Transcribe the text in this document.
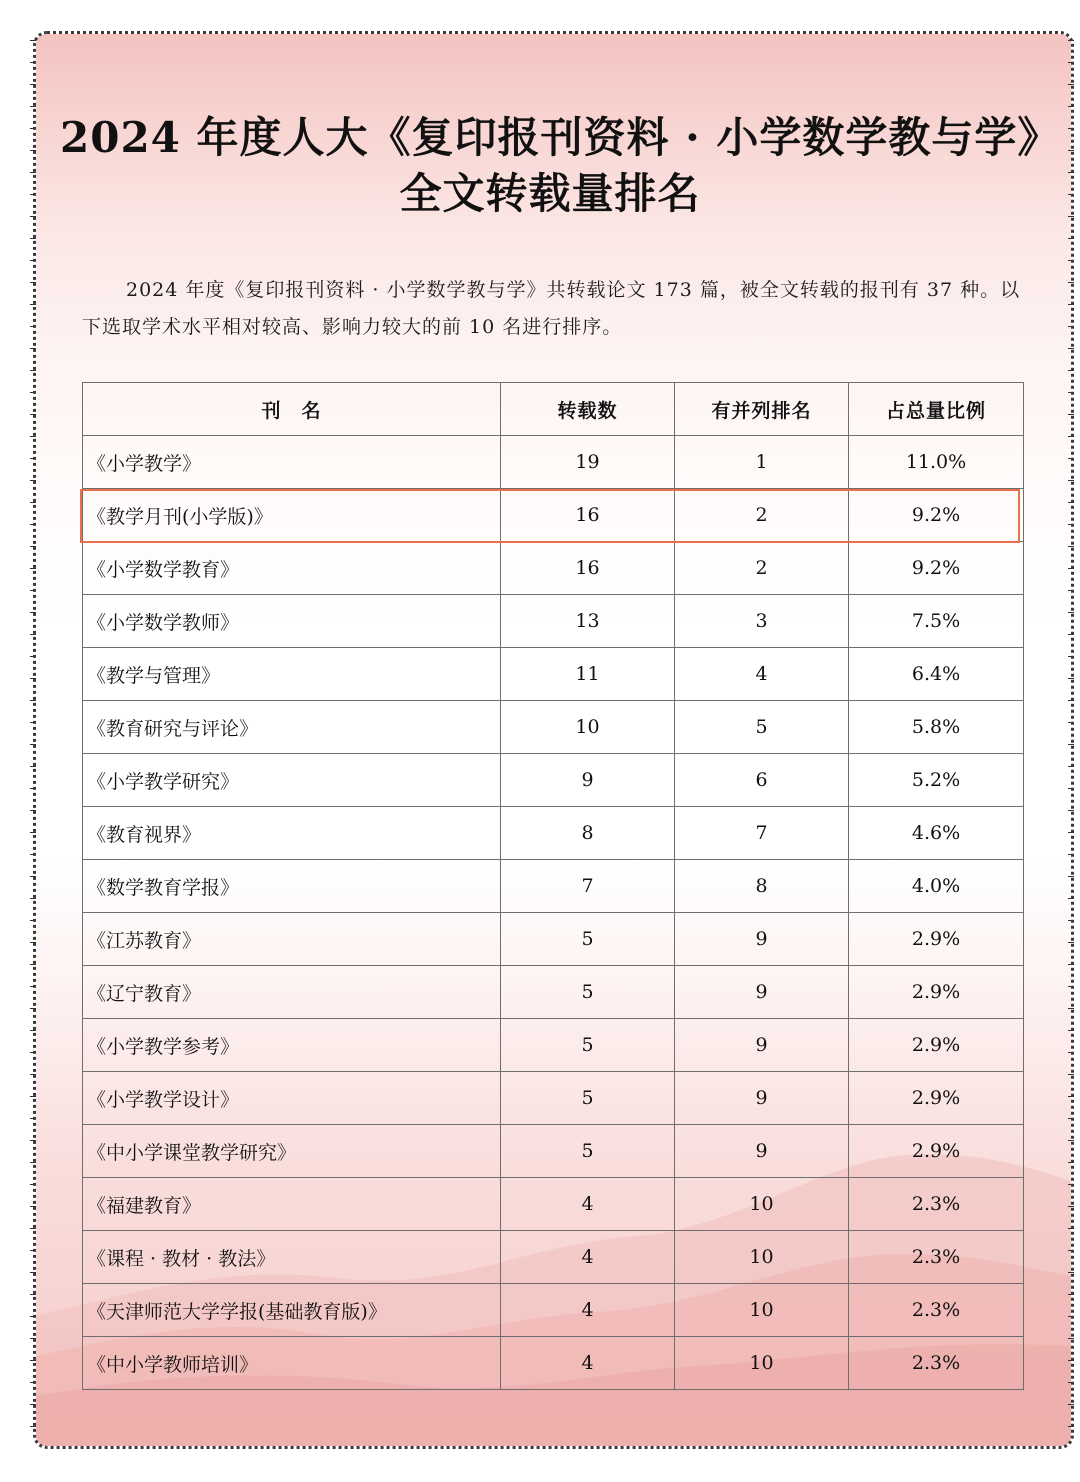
2024 年度人大《复印报刊资料 · 小学数学教与学》
全文转载量排名

2024 年度《复印报刊资料 · 小学数学教与学》共转载论文 173 篇，被全文转载的报刊有 37 种。以下选取学术水平相对较高、影响力较大的前 10 名进行排序。

刊　名	转载数	有并列排名	占总量比例
《小学教学》	19	1	11.0%
《教学月刊(小学版)》	16	2	9.2%
《小学数学教育》	16	2	9.2%
《小学数学教师》	13	3	7.5%
《教学与管理》	11	4	6.4%
《教育研究与评论》	10	5	5.8%
《小学教学研究》	9	6	5.2%
《教育视界》	8	7	4.6%
《数学教育学报》	7	8	4.0%
《江苏教育》	5	9	2.9%
《辽宁教育》	5	9	2.9%
《小学教学参考》	5	9	2.9%
《小学教学设计》	5	9	2.9%
《中小学课堂教学研究》	5	9	2.9%
《福建教育》	4	10	2.3%
《课程 · 教材 · 教法》	4	10	2.3%
《天津师范大学学报(基础教育版)》	4	10	2.3%
《中小学教师培训》	4	10	2.3%
